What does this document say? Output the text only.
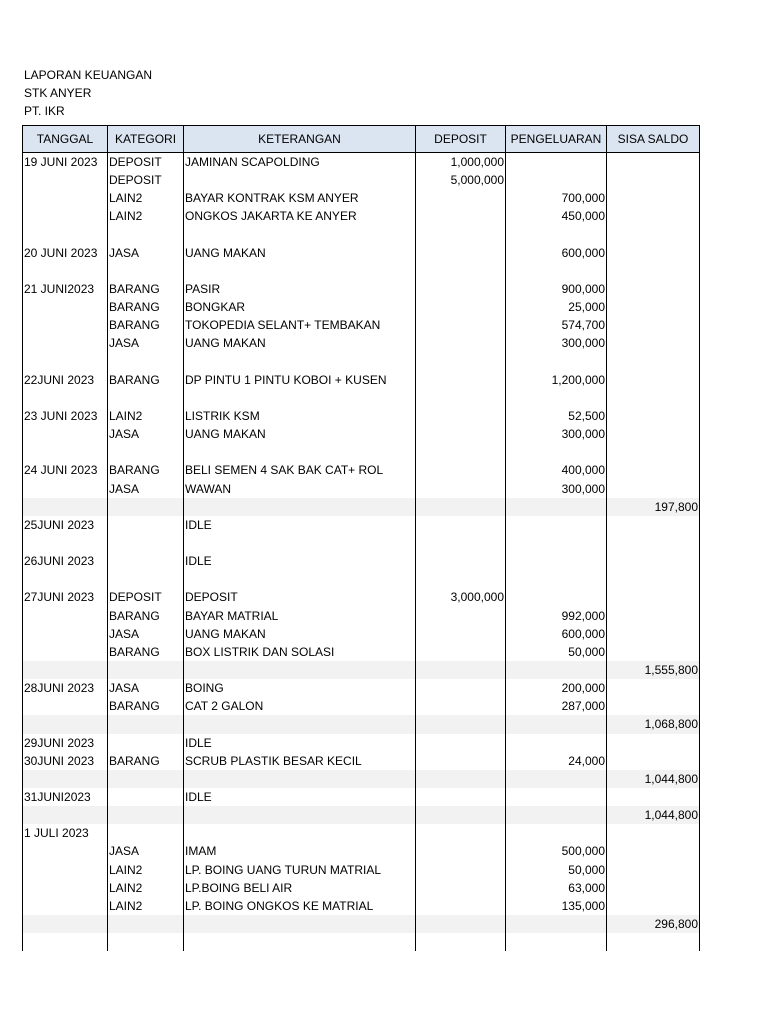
LAPORAN KEUANGAN
STK ANYER
PT. IKR
TANGGAL	KATEGORI	KETERANGAN	DEPOSIT	PENGELUARAN	SISA SALDO
19 JUNI 2023	DEPOSIT	JAMINAN SCAPOLDING	1,000,000		
	DEPOSIT		5,000,000		
	LAIN2	BAYAR KONTRAK KSM ANYER		700,000	
	LAIN2	ONGKOS JAKARTA KE ANYER		450,000	

20 JUNI 2023	JASA	UANG MAKAN		600,000	

21 JUNI2023	BARANG	PASIR		900,000	
	BARANG	BONGKAR		25,000	
	BARANG	TOKOPEDIA SELANT+ TEMBAKAN		574,700	
	JASA	UANG MAKAN		300,000	

22JUNI 2023	BARANG	DP PINTU 1 PINTU KOBOI + KUSEN		1,200,000	

23 JUNI 2023	LAIN2	LISTRIK KSM		52,500	
	JASA	UANG MAKAN		300,000	

24 JUNI 2023	BARANG	BELI SEMEN 4 SAK BAK CAT+ ROL		400,000	
	JASA	WAWAN		300,000	
					197,800
25JUNI 2023		IDLE			

26JUNI 2023		IDLE			

27JUNI 2023	DEPOSIT	DEPOSIT	3,000,000		
	BARANG	BAYAR MATRIAL		992,000	
	JASA	UANG MAKAN		600,000	
	BARANG	BOX LISTRIK DAN SOLASI		50,000	
					1,555,800
28JUNI 2023	JASA	BOING		200,000	
	BARANG	CAT 2 GALON		287,000	
					1,068,800
29JUNI 2023		IDLE			
30JUNI 2023	BARANG	SCRUB PLASTIK BESAR KECIL		24,000	
					1,044,800
31JUNI2023		IDLE			
					1,044,800
1 JULI 2023					
	JASA	IMAM		500,000	
	LAIN2	LP. BOING UANG TURUN MATRIAL		50,000	
	LAIN2	LP.BOING BELI AIR		63,000	
	LAIN2	LP. BOING ONGKOS KE MATRIAL		135,000	
					296,800
